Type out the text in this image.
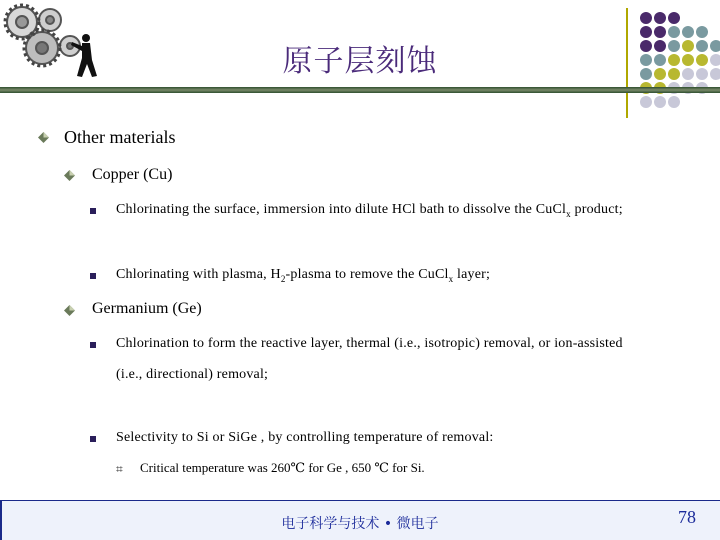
原子层刻蚀
Other materials
Copper (Cu)
Chlorinating the surface, immersion into dilute HCl bath to dissolve the CuCl$_x$ product;
Chlorinating with plasma, $H_2$-plasma to remove the CuCl$_x$ layer;
Germanium (Ge)
Chlorination to form the reactive layer, thermal (i.e., isotropic) removal, or ion-assisted
(i.e., directional) removal;
Selectivity to Si or SiGe , by controlling temperature of removal:
⌗ Critical temperature was 260℃ for Ge , 650 ℃ for Si.
电子科学与技术 • 微电子	78
